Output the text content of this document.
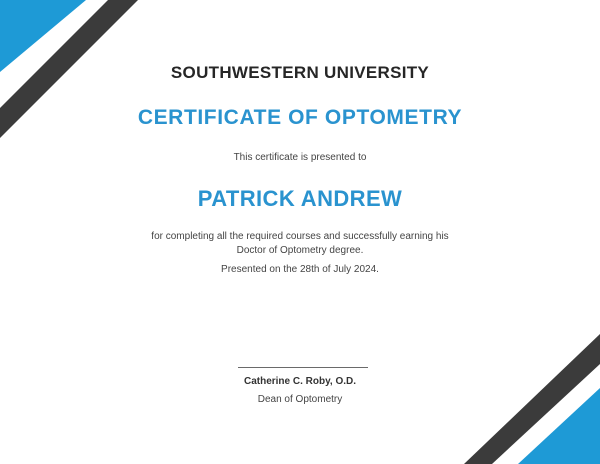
SOUTHWESTERN UNIVERSITY
CERTIFICATE OF OPTOMETRY
This certificate is presented to
PATRICK ANDREW
for completing all the required courses and successfully earning his
Doctor of Optometry degree.
Presented on the 28th of July 2024.
Catherine C. Roby, O.D.
Dean of Optometry
